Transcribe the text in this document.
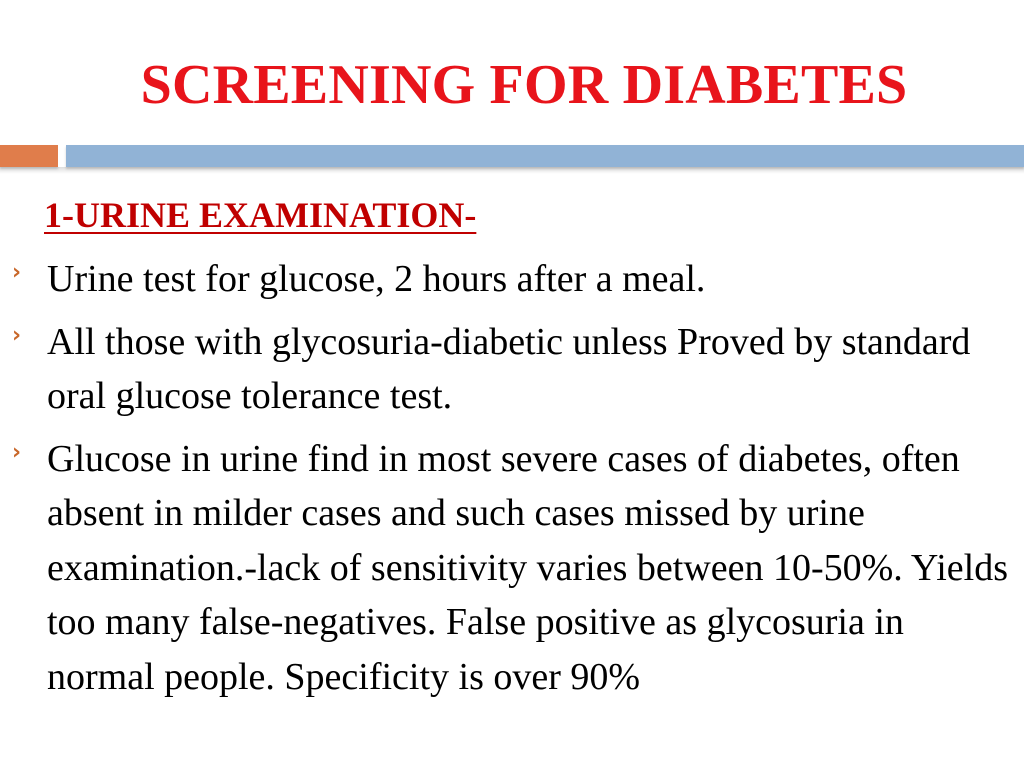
SCREENING FOR DIABETES
1-URINE EXAMINATION-
› Urine test for glucose, 2 hours after a meal.
› All those with glycosuria-diabetic unless Proved by standard oral glucose tolerance test.
› Glucose in urine find in most severe cases of diabetes, often absent in milder cases and such cases missed by urine examination.-lack of sensitivity varies between 10-50%. Yields too many false-negatives. False positive as glycosuria in normal people. Specificity is over 90%
